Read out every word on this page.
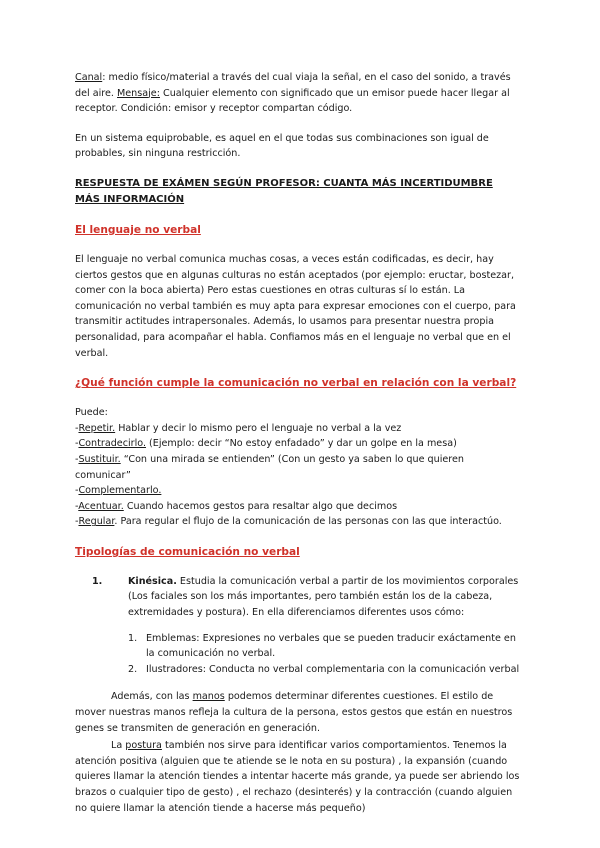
Canal: medio físico/material a través del cual viaja la señal, en el caso del sonido, a través del aire. Mensaje: Cualquier elemento con significado que un emisor puede hacer llegar al receptor. Condición: emisor y receptor compartan código.

En un sistema equiprobable, es aquel en el que todas sus combinaciones son igual de probables, sin ninguna restricción.

RESPUESTA DE EXÁMEN SEGÚN PROFESOR: CUANTA MÁS INCERTIDUMBRE MÁS INFORMACIÓN

El lenguaje no verbal

El lenguaje no verbal comunica muchas cosas, a veces están codificadas, es decir, hay ciertos gestos que en algunas culturas no están aceptados (por ejemplo: eructar, bostezar, comer con la boca abierta) Pero estas cuestiones en otras culturas sí lo están. La comunicación no verbal también es muy apta para expresar emociones con el cuerpo, para transmitir actitudes intrapersonales. Además, lo usamos para presentar nuestra propia personalidad, para acompañar el habla. Confiamos más en el lenguaje no verbal que en el verbal.

¿Qué función cumple la comunicación no verbal en relación con la verbal?

Puede:

-Repetir. Hablar y decir lo mismo pero el lenguaje no verbal a la vez

-Contradecirlo. (Ejemplo: decir “No estoy enfadado” y dar un golpe en la mesa)

-Sustituir. “Con una mirada se entienden” (Con un gesto ya saben lo que quieren comunicar”

-Complementarlo.

-Acentuar. Cuando hacemos gestos para resaltar algo que decimos

-Regular. Para regular el flujo de la comunicación de las personas con las que interactúo.

Tipologías de comunicación no verbal

1.	Kinésica. Estudia la comunicación verbal a partir de los movimientos corporales (Los faciales son los más importantes, pero también están los de la cabeza, extremidades y postura). En ella diferenciamos diferentes usos cómo:
1. Emblemas: Expresiones no verbales que se pueden traducir exáctamente en la comunicación no verbal.
2. Ilustradores: Conducta no verbal complementaria con la comunicación verbal

Además, con las manos podemos determinar diferentes cuestiones. El estilo de mover nuestras manos refleja la cultura de la persona, estos gestos que están en nuestros genes se transmiten de generación en generación.

La postura también nos sirve para identificar varios comportamientos. Tenemos la atención positiva (alguien que te atiende se le nota en su postura) , la expansión (cuando quieres llamar la atención tiendes a intentar hacerte más grande, ya puede ser abriendo los brazos o cualquier tipo de gesto) , el rechazo (desinterés) y la contracción (cuando alguien no quiere llamar la atención tiende a hacerse más pequeño)
